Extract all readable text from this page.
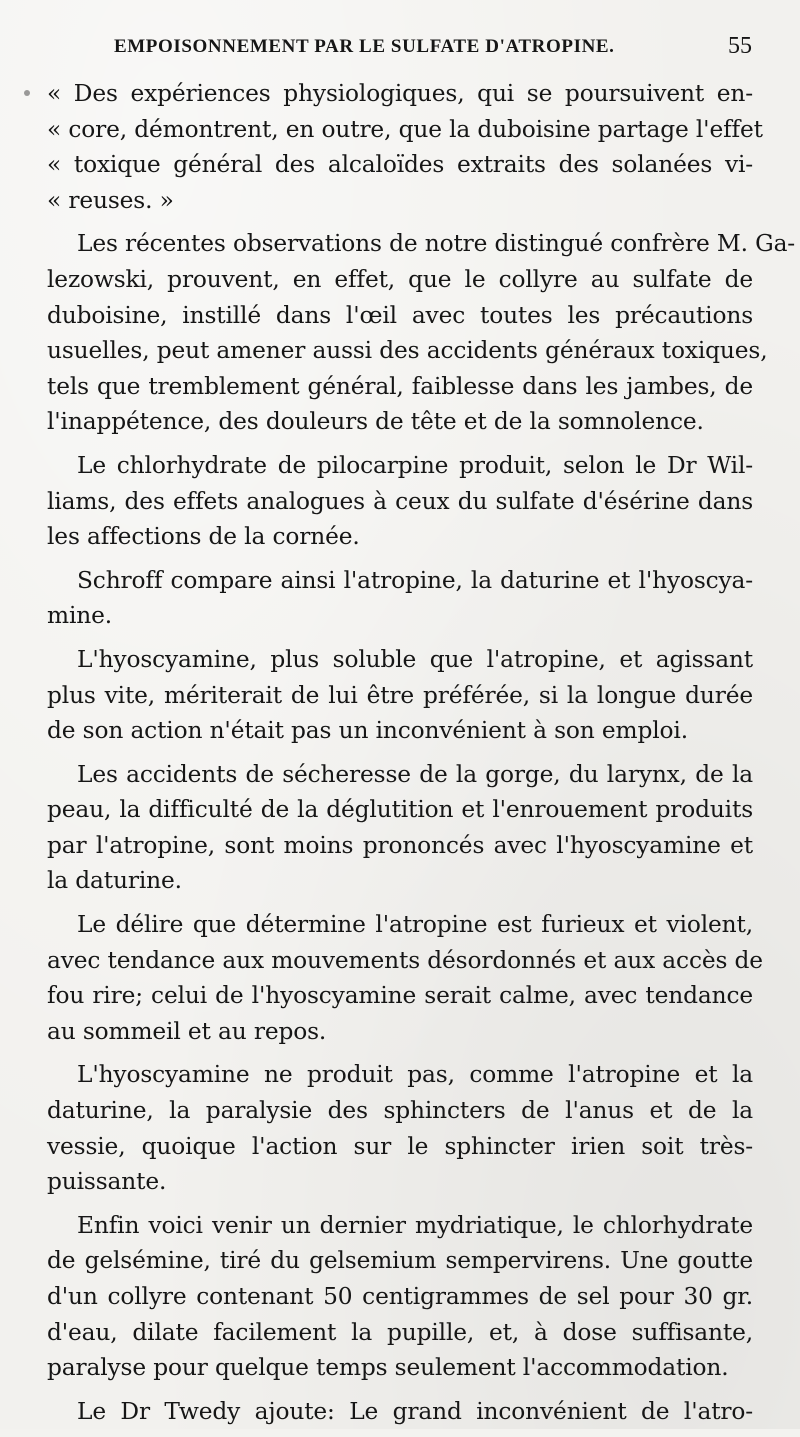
EMPOISONNEMENT PAR LE SULFATE D'ATROPINE.	55

« Des expériences physiologiques, qui se poursuivent en-
« core, démontrent, en outre, que la duboisine partage l'effet
« toxique général des alcaloïdes extraits des solanées vi-
« reuses. »

Les récentes observations de notre distingué confrère M. Ga-
lezowski, prouvent, en effet, que le collyre au sulfate de
duboisine, instillé dans l'œil avec toutes les précautions
usuelles, peut amener aussi des accidents généraux toxiques,
tels que tremblement général, faiblesse dans les jambes, de
l'inappétence, des douleurs de tête et de la somnolence.

Le chlorhydrate de pilocarpine produit, selon le Dr Wil-
liams, des effets analogues à ceux du sulfate d'ésérine dans
les affections de la cornée.

Schroff compare ainsi l'atropine, la daturine et l'hyoscya-
mine.

L'hyoscyamine, plus soluble que l'atropine, et agissant
plus vite, mériterait de lui être préférée, si la longue durée
de son action n'était pas un inconvénient à son emploi.

Les accidents de sécheresse de la gorge, du larynx, de la
peau, la difficulté de la déglutition et l'enrouement produits
par l'atropine, sont moins prononcés avec l'hyoscyamine et
la daturine.

Le délire que détermine l'atropine est furieux et violent,
avec tendance aux mouvements désordonnés et aux accès de
fou rire; celui de l'hyoscyamine serait calme, avec tendance
au sommeil et au repos.

L'hyoscyamine ne produit pas, comme l'atropine et la
daturine, la paralysie des sphincters de l'anus et de la
vessie, quoique l'action sur le sphincter irien soit très-
puissante.

Enfin voici venir un dernier mydriatique, le chlorhydrate
de gelsémine, tiré du gelsemium sempervirens. Une goutte
d'un collyre contenant 50 centigrammes de sel pour 30 gr.
d'eau, dilate facilement la pupille, et, à dose suffisante,
paralyse pour quelque temps seulement l'accommodation.

Le Dr Twedy ajoute: Le grand inconvénient de l'atro-
